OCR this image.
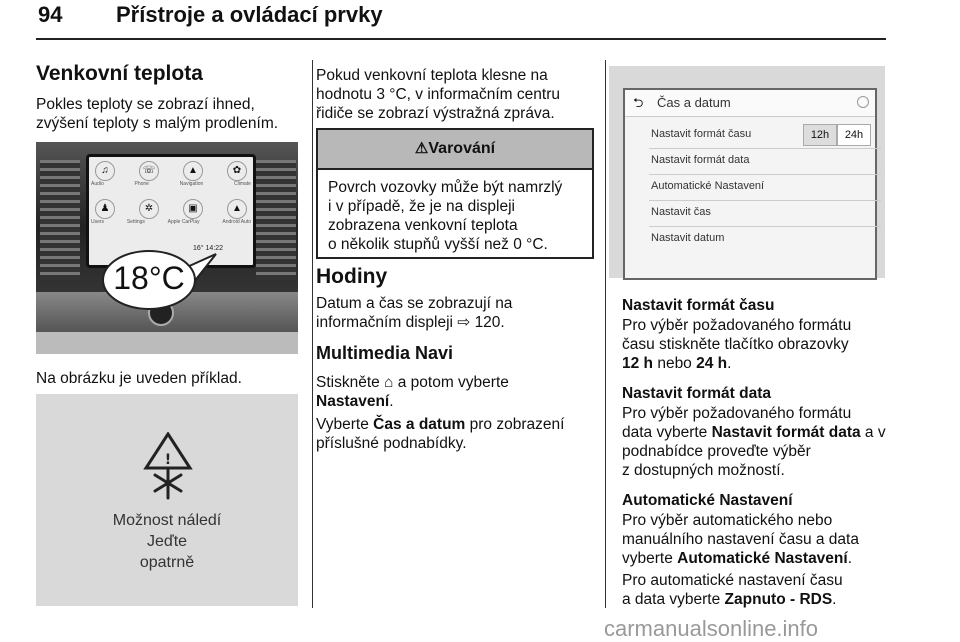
94 Přístroje a ovládací prvky
Venkovní teplota
Pokles teploty se zobrazí ihned,
zvýšení teploty s malým prodlením.
♫	☏	▲	✿
Audio	Phone	Navigation	Climate
♟	✲	▣	▲
Users	Settings	Apple CarPlay	Android Auto
16° 14:22
18°C
Na obrázku je uveden příklad.
!
Možnost náledí
Jeďte
opatrně
Pokud venkovní teplota klesne na
hodnotu 3 °C, v informačním centru
řidiče se zobrazí výstražná zpráva.
⚠Varování
Povrch vozovky může být namrzlý
i v případě, že je na displeji
zobrazena venkovní teplota
o několik stupňů vyšší než 0 °C.
Hodiny
Datum a čas se zobrazují na
informačním displeji ⇨ 120.
Multimedia Navi
Stiskněte ⌂ a potom vyberte
Nastavení.
Vyberte Čas a datum pro zobrazení
příslušné podnabídky.
⮌ Čas a datum
Nastavit formát času	12h	24h
Nastavit formát data
Automatické Nastavení
Nastavit čas
Nastavit datum
Nastavit formát času
Pro výběr požadovaného formátu
času stiskněte tlačítko obrazovky
12 h nebo 24 h.
Nastavit formát data
Pro výběr požadovaného formátu
data vyberte Nastavit formát data a v
podnabídce proveďte výběr
z dostupných možností.
Automatické Nastavení
Pro výběr automatického nebo
manuálního nastavení času a data
vyberte Automatické Nastavení.
Pro automatické nastavení času
a data vyberte Zapnuto - RDS.
carmanualsonline.info
